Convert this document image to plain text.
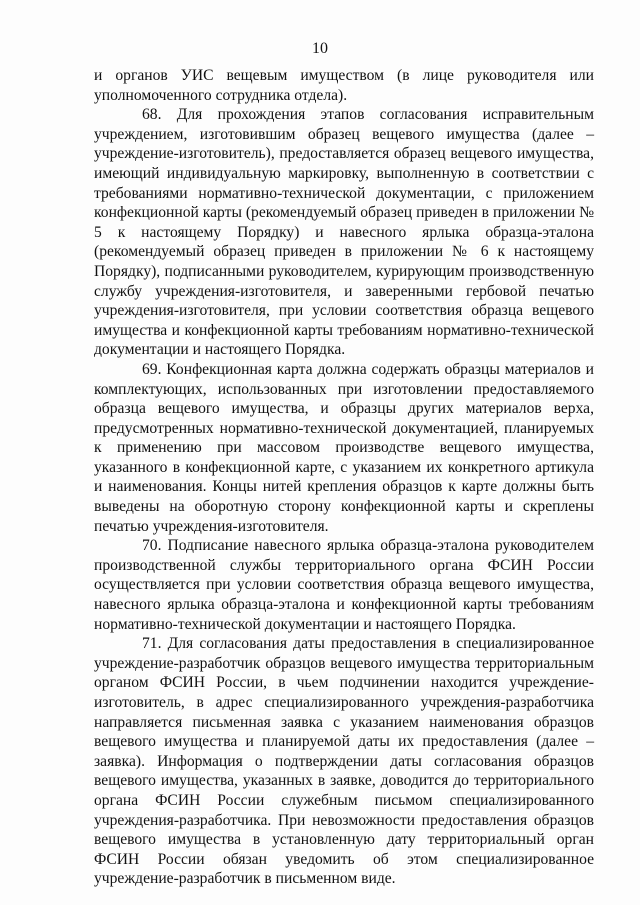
10

и органов УИС вещевым имуществом (в лице руководителя или уполномоченного сотрудника отдела).

68. Для прохождения этапов согласования исправительным учреждением, изготовившим образец вещевого имущества (далее – учреждение-изготовитель), предоставляется образец вещевого имущества, имеющий индивидуальную маркировку, выполненную в соответствии с требованиями нормативно-технической документации, с приложением конфекционной карты (рекомендуемый образец приведен в приложении № 5 к настоящему Порядку) и навесного ярлыка образца-эталона (рекомендуемый образец приведен в приложении № 6 к настоящему Порядку), подписанными руководителем, курирующим производственную службу учреждения-изготовителя, и заверенными гербовой печатью учреждения-изготовителя, при условии соответствия образца вещевого имущества и конфекционной карты требованиям нормативно-технической документации и настоящего Порядка.

69. Конфекционная карта должна содержать образцы материалов и комплектующих, использованных при изготовлении предоставляемого образца вещевого имущества, и образцы других материалов верха, предусмотренных нормативно-технической документацией, планируемых к применению при массовом производстве вещевого имущества, указанного в конфекционной карте, с указанием их конкретного артикула и наименования. Концы нитей крепления образцов к карте должны быть выведены на оборотную сторону конфекционной карты и скреплены печатью учреждения-изготовителя.

70. Подписание навесного ярлыка образца-эталона руководителем производственной службы территориального органа ФСИН России осуществляется при условии соответствия образца вещевого имущества, навесного ярлыка образца-эталона и конфекционной карты требованиям нормативно-технической документации и настоящего Порядка.

71. Для согласования даты предоставления в специализированное учреждение-разработчик образцов вещевого имущества территориальным органом ФСИН России, в чьем подчинении находится учреждение-изготовитель, в адрес специализированного учреждения-разработчика направляется письменная заявка с указанием наименования образцов вещевого имущества и планируемой даты их предоставления (далее – заявка). Информация о подтверждении даты согласования образцов вещевого имущества, указанных в заявке, доводится до территориального органа ФСИН России служебным письмом специализированного учреждения-разработчика. При невозможности предоставления образцов вещевого имущества в установленную дату территориальный орган ФСИН России обязан уведомить об этом специализированное учреждение-разработчик в письменном виде.
